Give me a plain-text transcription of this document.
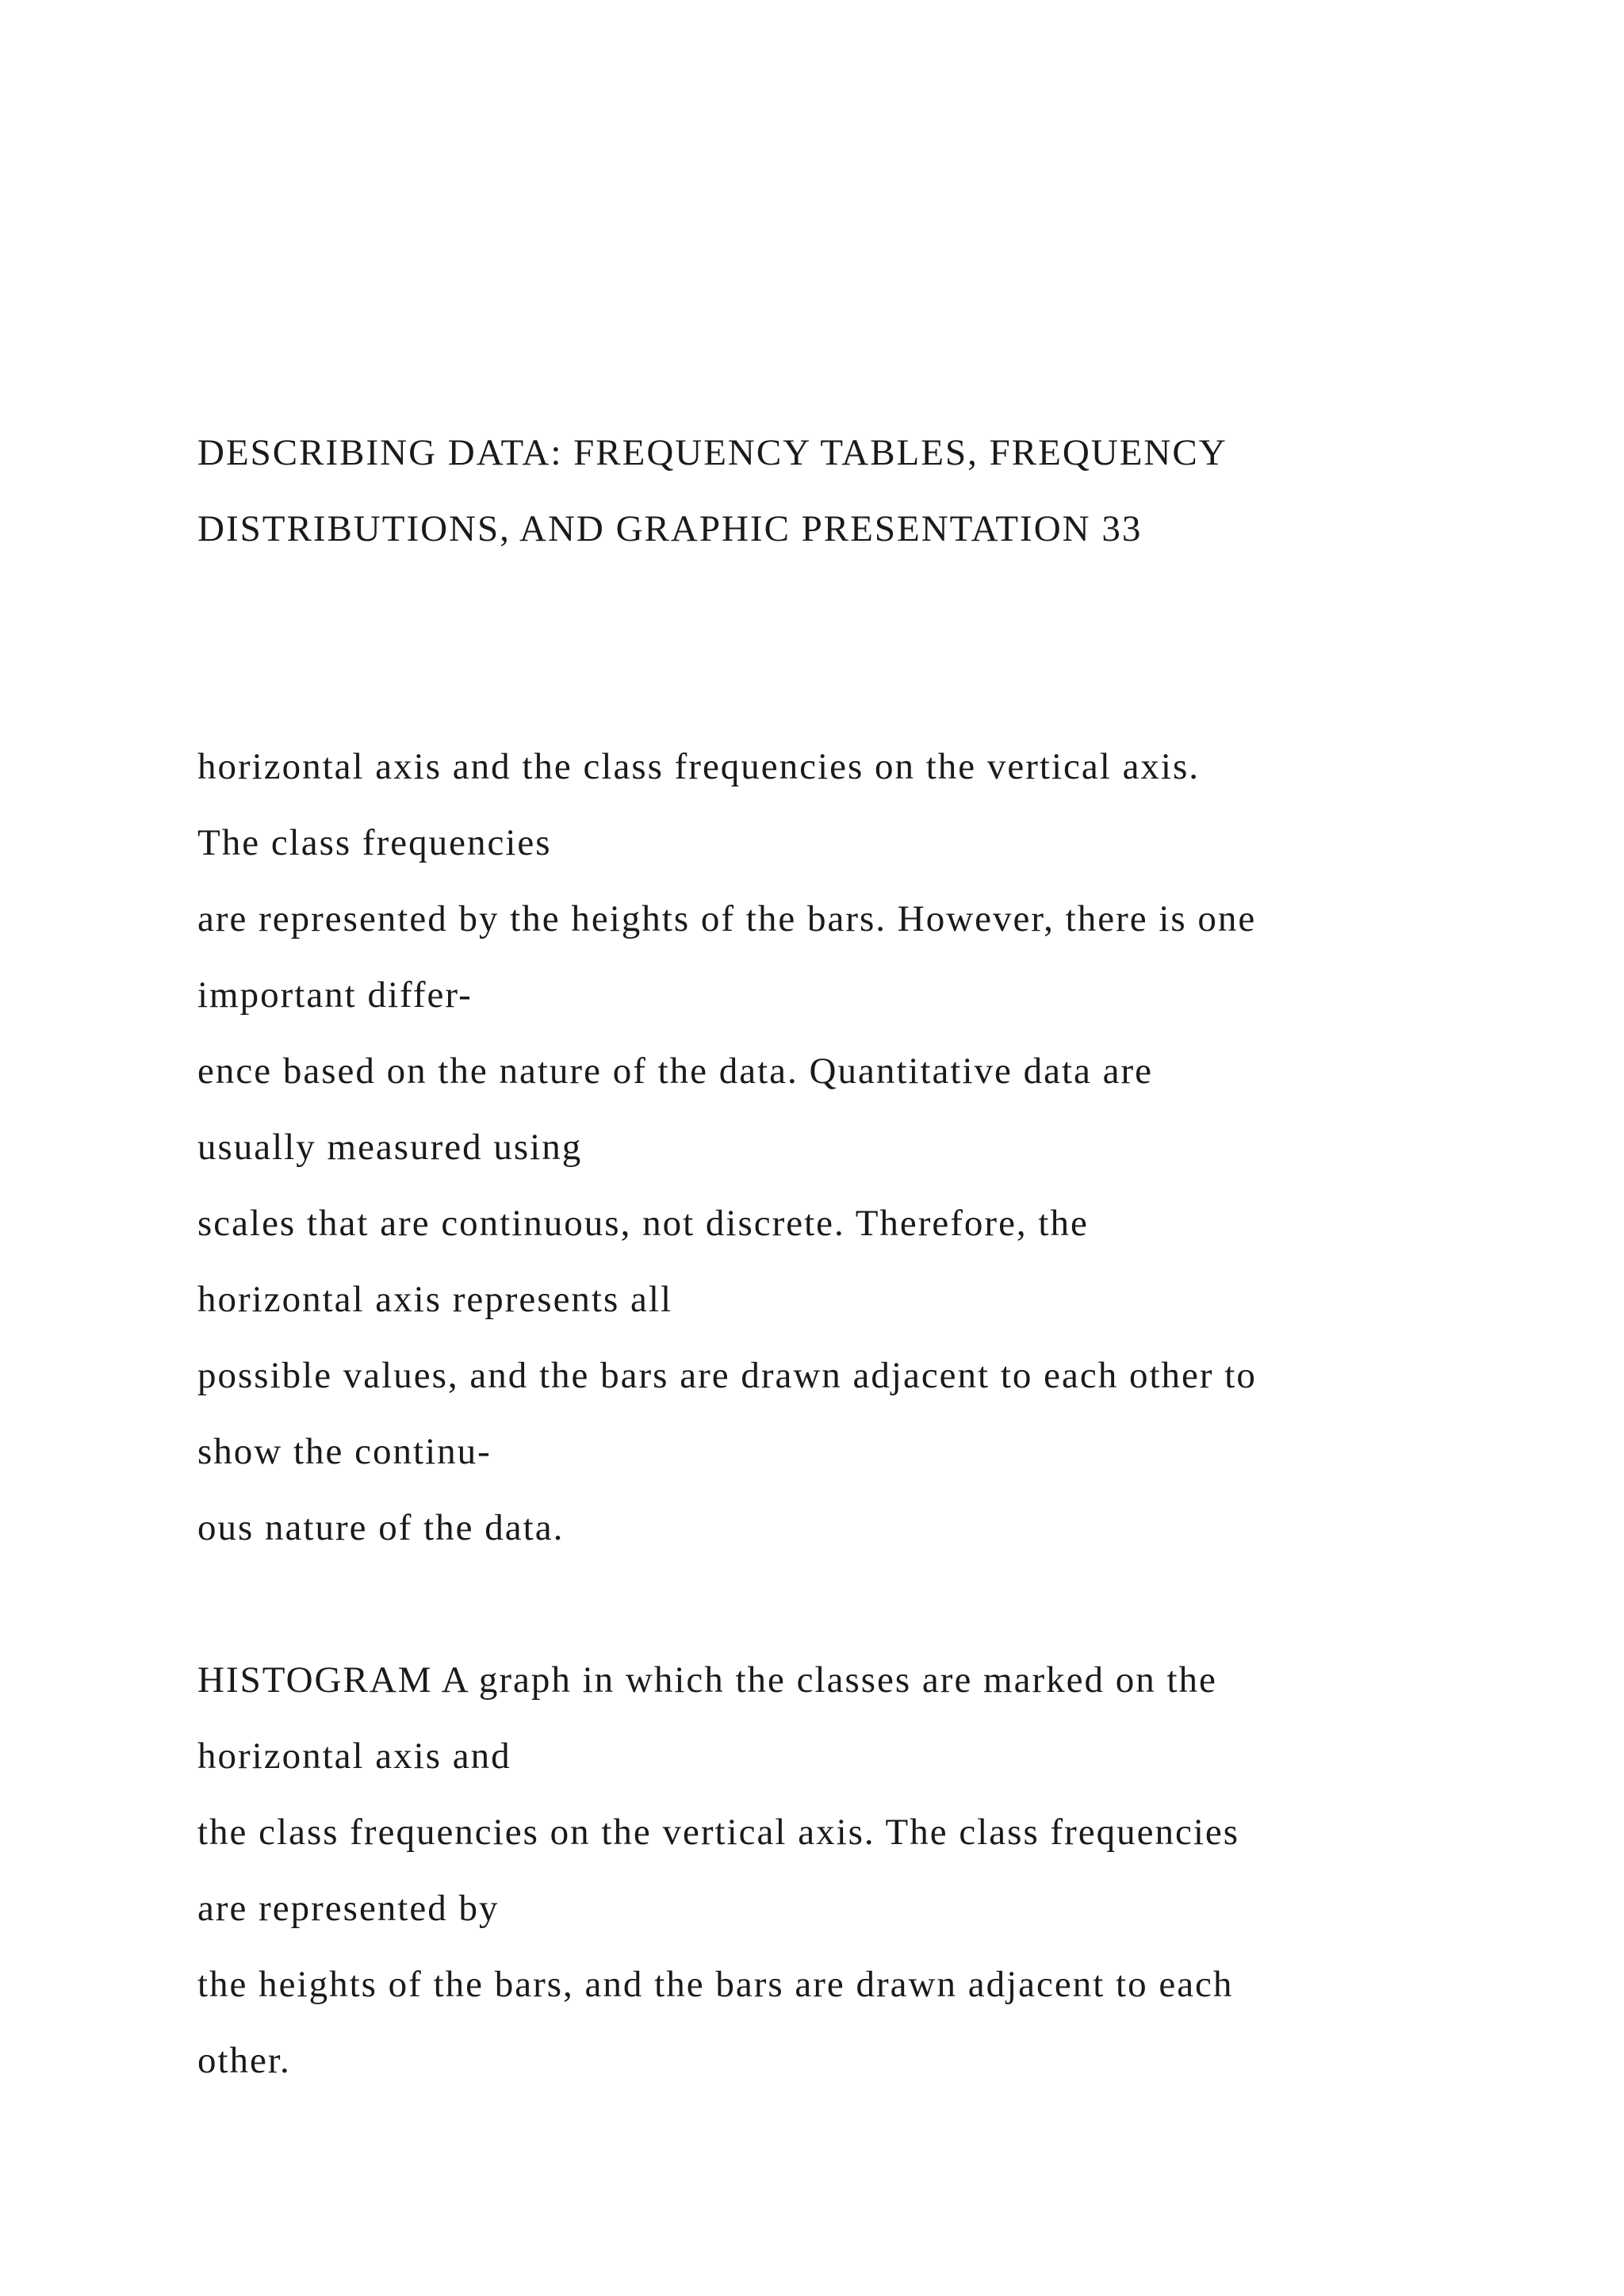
DESCRIBING DATA: FREQUENCY TABLES, FREQUENCY
DISTRIBUTIONS, AND GRAPHIC PRESENTATION 33
horizontal axis and the class frequencies on the vertical axis.
The class frequencies
are represented by the heights of the bars. However, there is one
important differ-
ence based on the nature of the data. Quantitative data are
usually measured using
scales that are continuous, not discrete. Therefore, the
horizontal axis represents all
possible values, and the bars are drawn adjacent to each other to
show the continu-
ous nature of the data.
HISTOGRAM A graph in which the classes are marked on the
horizontal axis and
the class frequencies on the vertical axis. The class frequencies
are represented by
the heights of the bars, and the bars are drawn adjacent to each
other.
